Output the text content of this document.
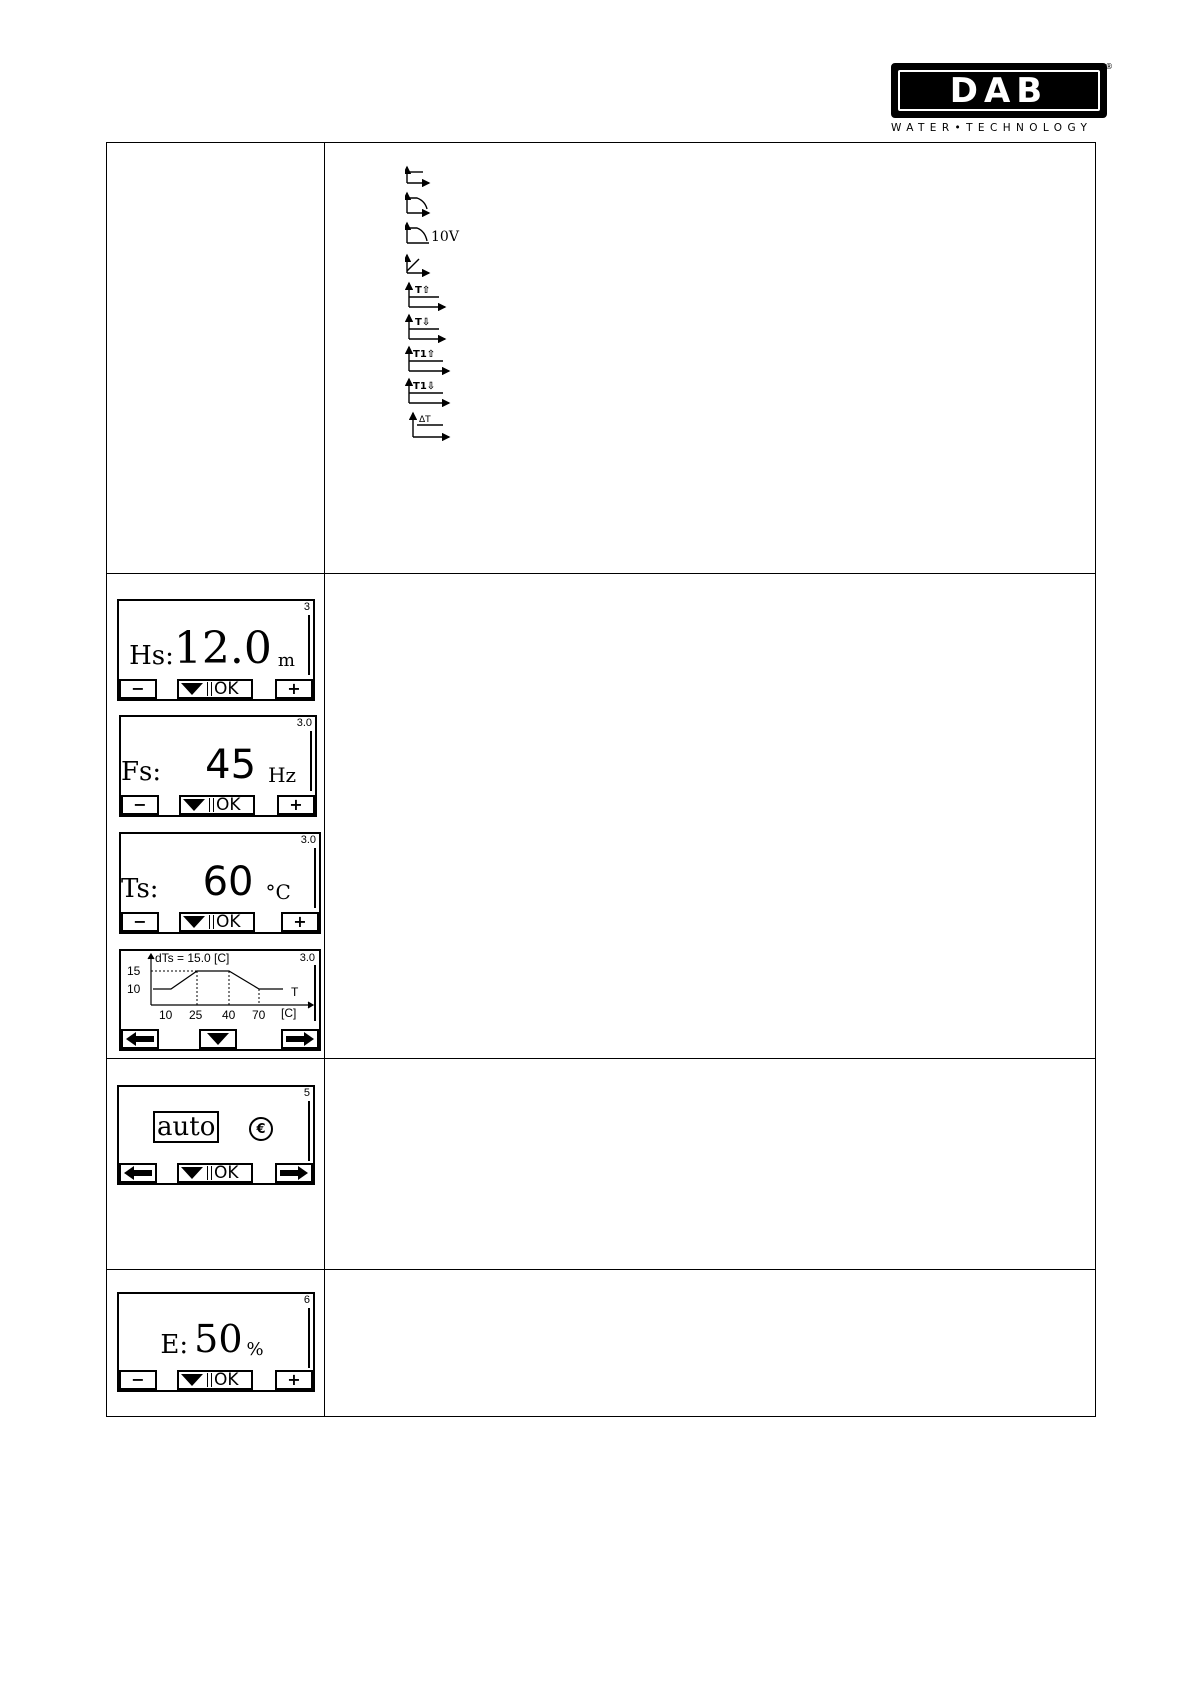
DAB
®
WATER•TECHNOLOGY
10V
T⇧
T⇩
T1⇧
T1⇩
ΔT
3
Hs: 12.0 m
−	OK	+
3.0
Fs: 45 Hz
−	OK	+
3.0
Ts: 60 °C
−	OK	+
3.0
dTs = 15.0 [C]
15
10
10 25 40 70 [C]
T
5
auto	€
OK
6
E: 50 %
−	OK	+
